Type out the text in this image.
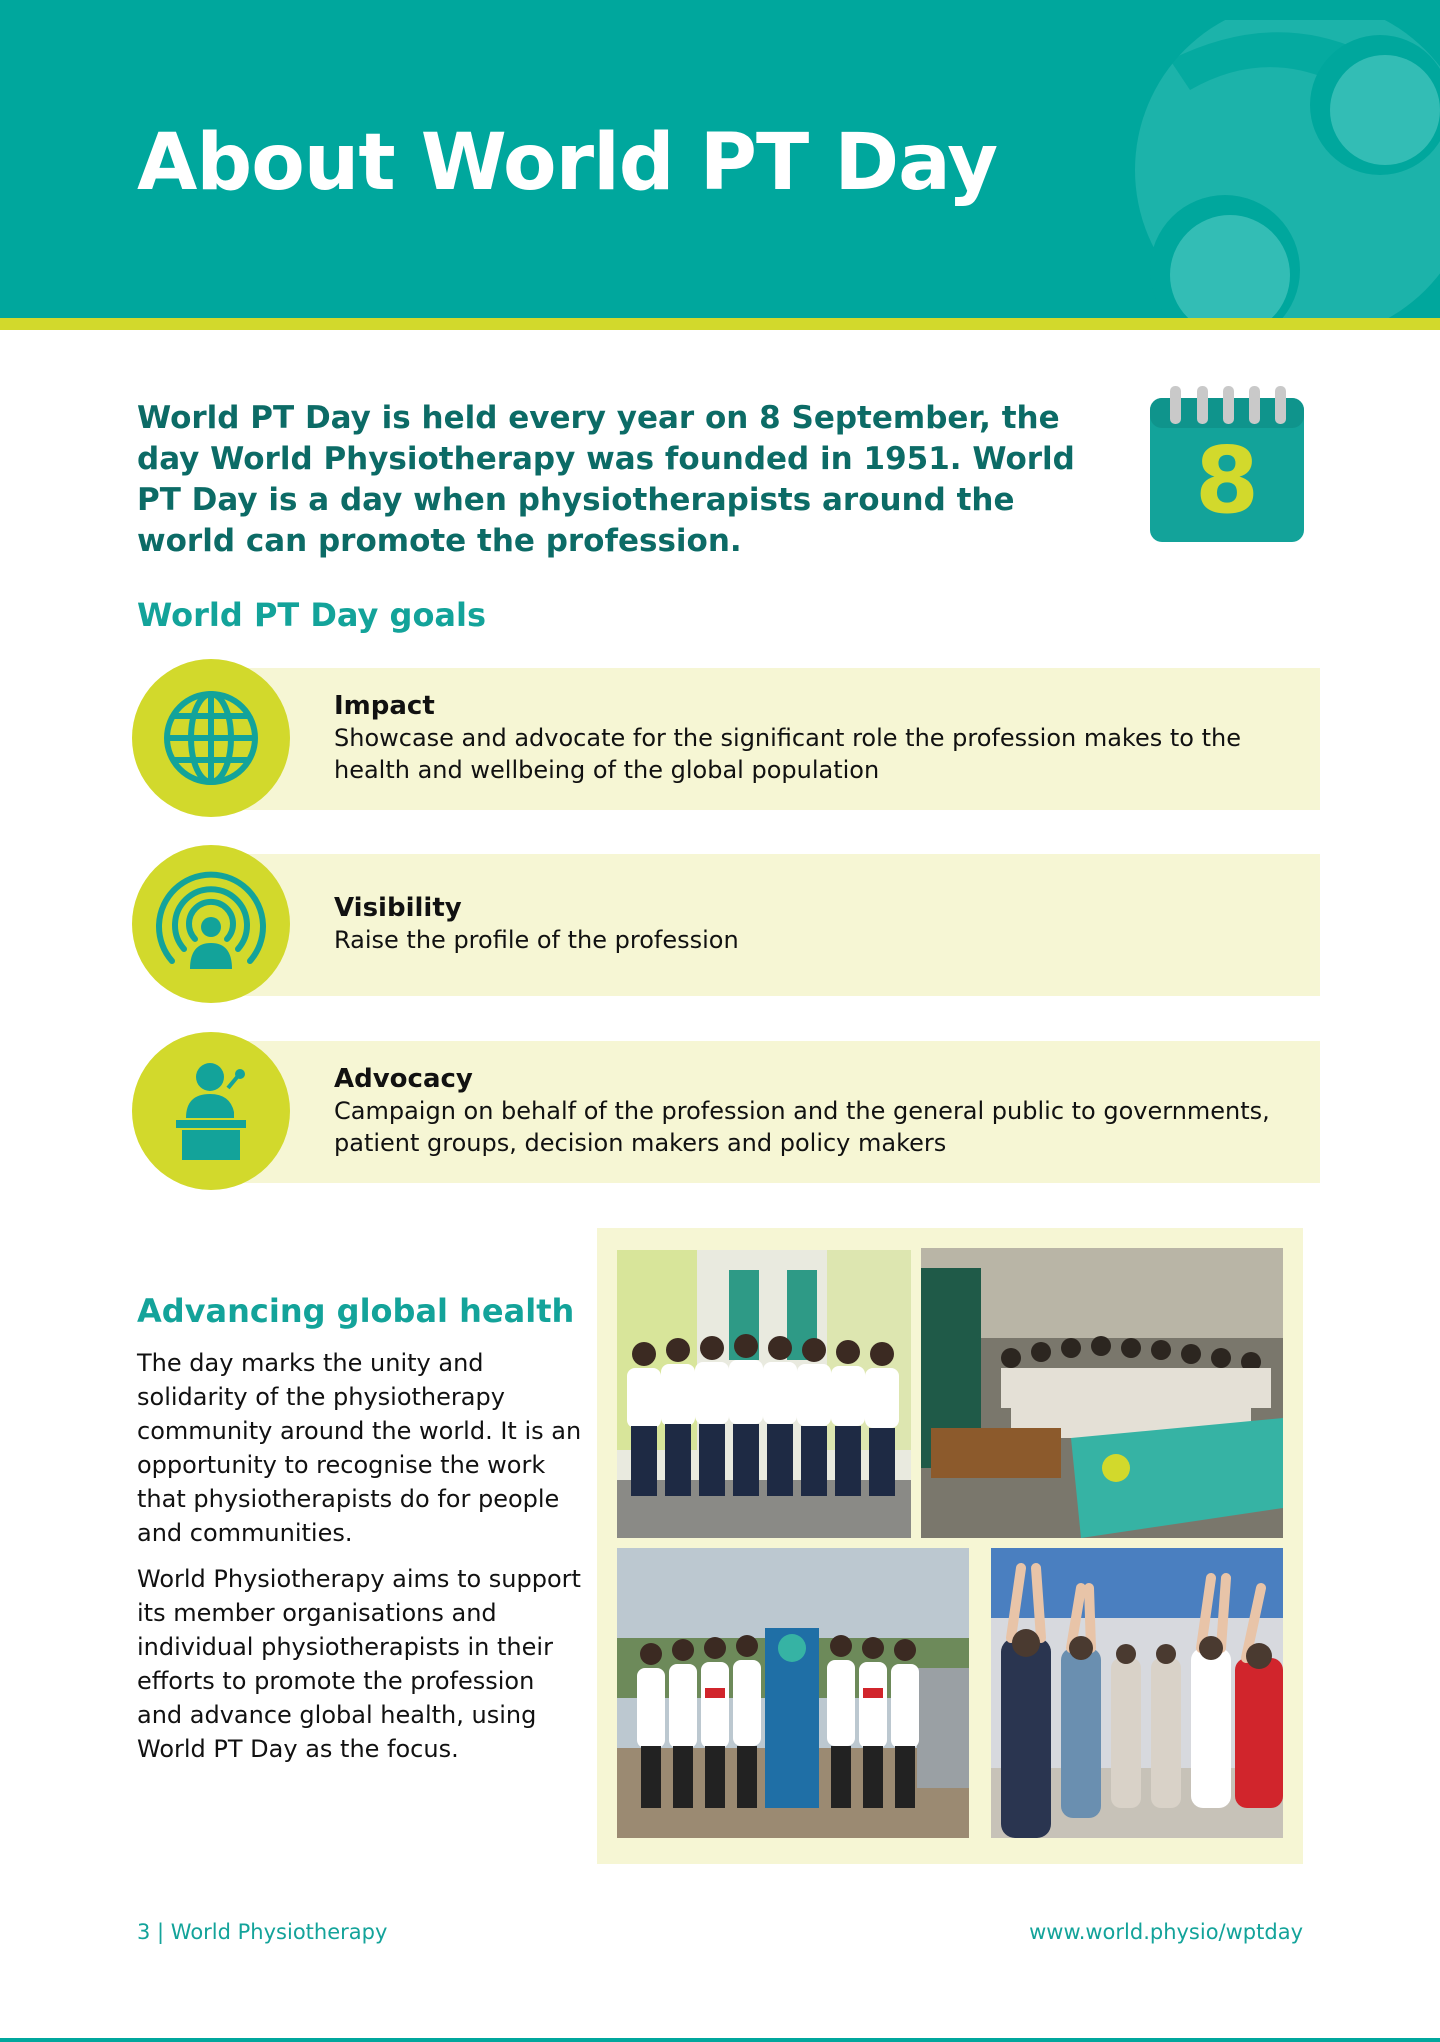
About World PT Day
World PT Day is held every year on 8 September, the day World Physiotherapy was founded in 1951. World PT Day is a day when physiotherapists around the world can promote the profession.
8
World PT Day goals
Impact
Showcase and advocate for the significant role the profession makes to the health and wellbeing of the global population
Visibility
Raise the profile of the profession
Advocacy
Campaign on behalf of the profession and the general public to governments, patient groups, decision makers and policy makers
Advancing global health

The day marks the unity and solidarity of the physiotherapy community around the world. It is an opportunity to recognise the work that physiotherapists do for people and communities.

World Physiotherapy aims to support its member organisations and individual physiotherapists in their efforts to promote the profession and advance global health, using World PT Day as the focus.

3 | World Physiotherapy	www.world.physio/wptday
